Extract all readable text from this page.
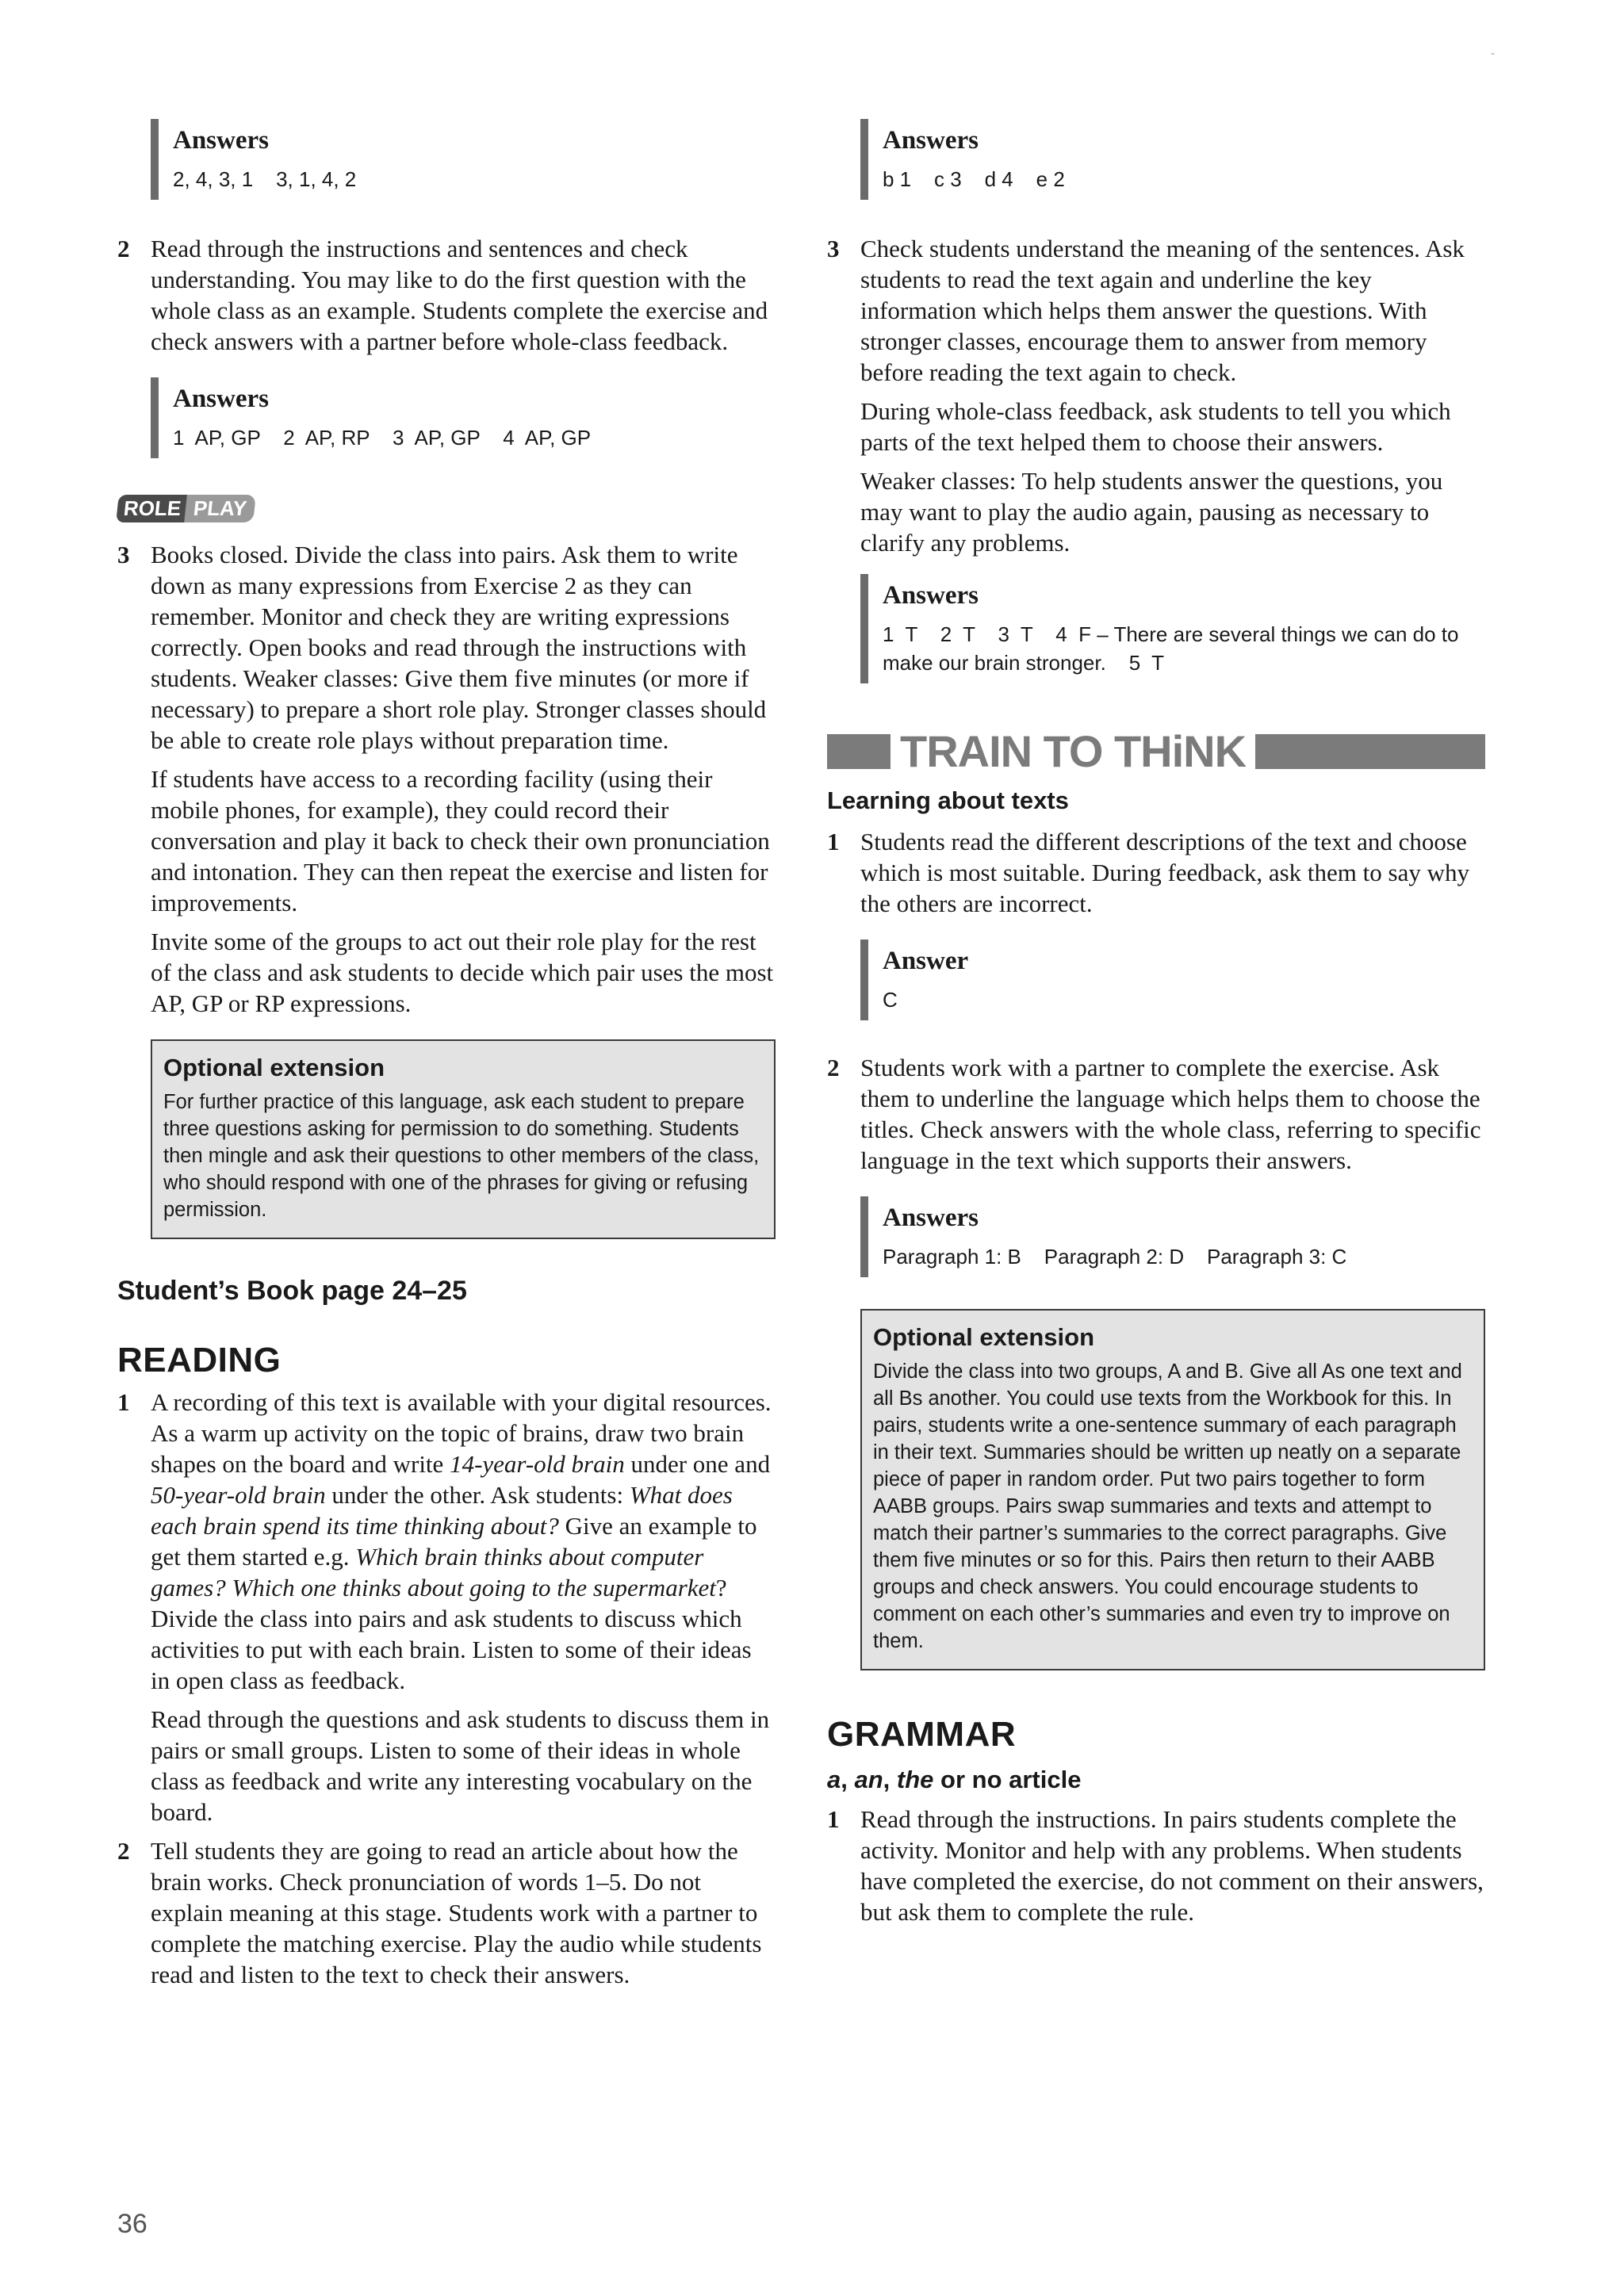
-
Answers

2, 4, 3, 1    3, 1, 4, 2

2 Read through the instructions and sentences and check understanding. You may like to do the first question with the whole class as an example. Students complete the exercise and check answers with a partner before whole-class feedback.

Answers

1  AP, GP    2  AP, RP    3  AP, GP    4  AP, GP

ROLE PLAY
3 Books closed. Divide the class into pairs. Ask them to write down as many expressions from Exercise 2 as they can remember. Monitor and check they are writing expressions correctly. Open books and read through the instructions with students. Weaker classes: Give them five minutes (or more if necessary) to prepare a short role play. Stronger classes should be able to create role plays without preparation time.

If students have access to a recording facility (using their mobile phones, for example), they could record their conversation and play it back to check their own pronunciation and intonation. They can then repeat the exercise and listen for improvements.

Invite some of the groups to act out their role play for the rest of the class and ask students to decide which pair uses the most AP, GP or RP expressions.

Optional extension

For further practice of this language, ask each student to prepare three questions asking for permission to do something. Students then mingle and ask their questions to other members of the class, who should respond with one of the phrases for giving or refusing permission.

Student’s Book page 24–25

READING
1 A recording of this text is available with your digital resources. As a warm up activity on the topic of brains, draw two brain shapes on the board and write 14-year-old brain under one and 50-year-old brain under the other. Ask students: What does each brain spend its time thinking about? Give an example to get them started e.g. Which brain thinks about computer games? Which one thinks about going to the supermarket? Divide the class into pairs and ask students to discuss which activities to put with each brain. Listen to some of their ideas in open class as feedback.

Read through the questions and ask students to discuss them in pairs or small groups. Listen to some of their ideas in whole class as feedback and write any interesting vocabulary on the board.

2 Tell students they are going to read an article about how the brain works. Check pronunciation of words 1–5. Do not explain meaning at this stage. Students work with a partner to complete the matching exercise. Play the audio while students read and listen to the text to check their answers.

Answers

b 1    c 3    d 4    e 2

3 Check students understand the meaning of the sentences. Ask students to read the text again and underline the key information which helps them answer the questions. With stronger classes, encourage them to answer from memory before reading the text again to check.

During whole-class feedback, ask students to tell you which parts of the text helped them to choose their answers.

Weaker classes: To help students answer the questions, you may want to play the audio again, pausing as necessary to clarify any problems.

Answers

1  T    2  T    3  T    4  F – There are several things we can do to make our brain stronger.    5  T

TRAIN TO THiNK

Learning about texts

1 Students read the different descriptions of the text and choose which is most suitable. During feedback, ask them to say why the others are incorrect.

Answer

C

2 Students work with a partner to complete the exercise. Ask them to underline the language which helps them to choose the titles. Check answers with the whole class, referring to specific language in the text which supports their answers.

Answers

Paragraph 1: B    Paragraph 2: D    Paragraph 3: C

Optional extension

Divide the class into two groups, A and B. Give all As one text and all Bs another. You could use texts from the Workbook for this. In pairs, students write a one-sentence summary of each paragraph in their text. Summaries should be written up neatly on a separate piece of paper in random order. Put two pairs together to form AABB groups. Pairs swap summaries and texts and attempt to match their partner’s summaries to the correct paragraphs. Give them five minutes or so for this. Pairs then return to their AABB groups and check answers. You could encourage students to comment on each other’s summaries and even try to improve on them.

GRAMMAR

a, an, the or no article

1 Read through the instructions. In pairs students complete the activity. Monitor and help with any problems. When students have completed the exercise, do not comment on their answers, but ask them to complete the rule.

36
